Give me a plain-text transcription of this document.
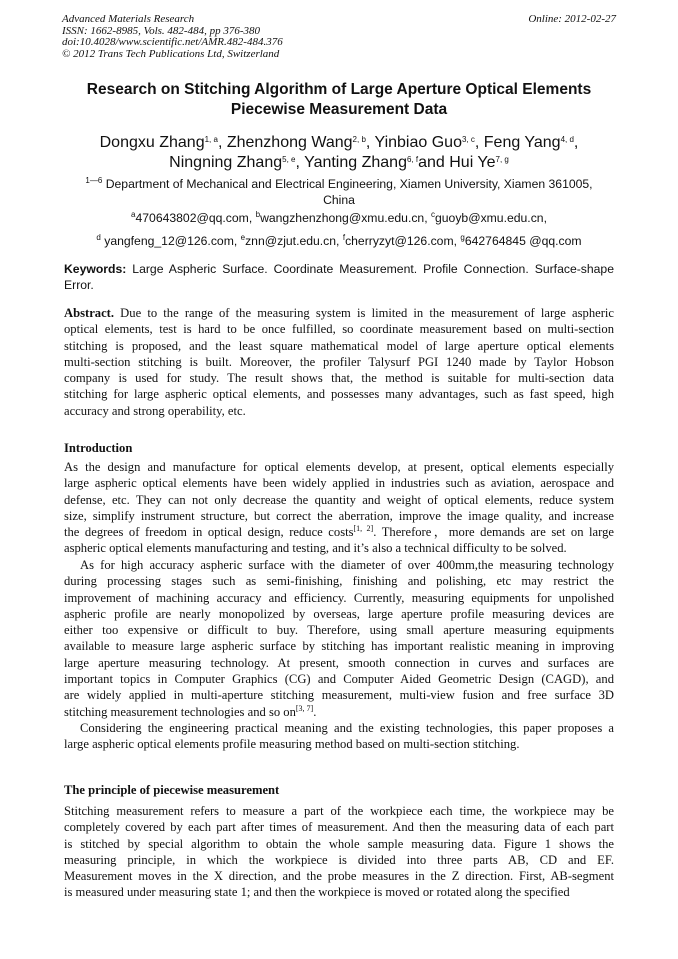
Advanced Materials Research
ISSN: 1662-8985, Vols. 482-484, pp 376-380
doi:10.4028/www.scientific.net/AMR.482-484.376
© 2012 Trans Tech Publications Ltd, Switzerland
Online: 2012-02-27
Research on Stitching Algorithm of Large Aperture Optical Elements
Piecewise Measurement Data
Dongxu Zhang$^{1, a}$, Zhenzhong Wang$^{2, b}$, Yinbiao Guo$^{3, c}$, Feng Yang$^{4, d}$,
Ningning Zhang$^{5, e}$, Yanting Zhang$^{6, f}$and Hui Ye$^{7, g}$
$^{1—6}$ Department of Mechanical and Electrical Engineering, Xiamen University, Xiamen 361005,
China
$^a$470643802@qq.com, $^b$wangzhenzhong@xmu.edu.cn, $^c$guoyb@xmu.edu.cn,
$^d$ yangfeng_12@126.com, $^e$znn@zjut.edu.cn, $^f$cherryzyt@126.com, $^g$642764845 @qq.com
Keywords: Large Aspheric Surface. Coordinate Measurement. Profile Connection. Surface-shape Error.
Abstract. Due to the range of the measuring system is limited in the measurement of large aspheric
optical elements, test is hard to be once fulfilled, so coordinate measurement based on multi-section
stitching is proposed, and the least square mathematical model of large aperture optical elements
multi-section stitching is built. Moreover, the profiler Talysurf PGI 1240 made by Taylor Hobson
company is used for study. The result shows that, the method is suitable for multi-section data
stitching for large aspheric optical elements, and possesses many advantages, such as fast speed, high
accuracy and strong operability, etc.
Introduction
As the design and manufacture for optical elements develop, at present, optical elements especially
large aspheric optical elements have been widely applied in industries such as aviation, aerospace and
defense, etc. They can not only decrease the quantity and weight of optical elements, reduce system
size, simplify instrument structure, but correct the aberration, improve the image quality, and increase
the degrees of freedom in optical design, reduce costs[1, 2]. Therefore，more demands are set on large
aspheric optical elements manufacturing and testing, and it’s also a technical difficulty to be solved.
As for high accuracy aspheric surface with the diameter of over 400mm,the measuring technology
during processing stages such as semi-finishing, finishing and polishing, etc may restrict the
improvement of machining accuracy and efficiency. Currently, measuring equipments for unpolished
aspheric profile are nearly monopolized by overseas, large aperture profile measuring devices are
either too expensive or difficult to buy. Therefore, using small aperture measuring equipments
available to measure large aspheric surface by stitching has important realistic meaning in improving
large aperture measuring technology. At present, smooth connection in curves and surfaces are
important topics in Computer Graphics (CG) and Computer Aided Geometric Design (CAGD), and
are widely applied in multi-aperture stitching measurement, multi-view fusion and free surface 3D
stitching measurement technologies and so on[3, 7].
Considering the engineering practical meaning and the existing technologies, this paper proposes a
large aspheric optical elements profile measuring method based on multi-section stitching.
The principle of piecewise measurement
Stitching measurement refers to measure a part of the workpiece each time, the workpiece may be
completely covered by each part after times of measurement. And then the measuring data of each part
is stitched by special algorithm to obtain the whole sample measuring data. Figure 1 shows the
measuring principle, in which the workpiece is divided into three parts AB, CD and EF.
Measurement moves in the X direction, and the probe measures in the Z direction. First, AB-segment
is measured under measuring state 1; and then the workpiece is moved or rotated along the specified
